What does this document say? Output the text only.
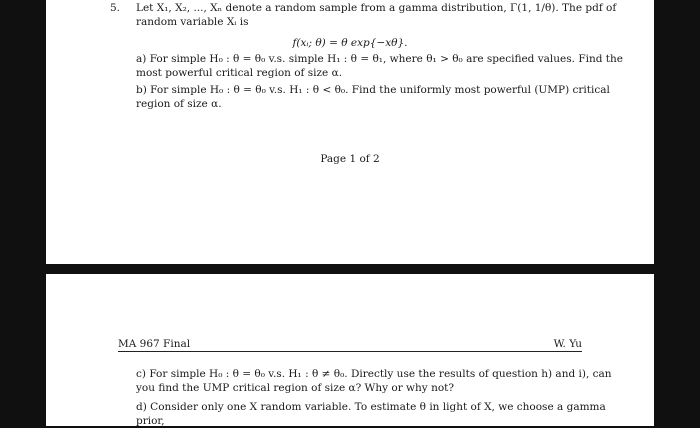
5. Let X₁, X₂, ..., Xₙ denote a random sample from a gamma distribution, Γ(1, 1/θ). The pdf of
random variable Xᵢ is
f(xᵢ; θ) = θ exp{−xθ}.
a) For simple H₀ : θ = θ₀ v.s. simple H₁ : θ = θ₁, where θ₁ > θ₀ are specified values. Find the
most powerful critical region of size α.
b) For simple H₀ : θ = θ₀ v.s. H₁ : θ < θ₀. Find the uniformly most powerful (UMP) critical
region of size α.
Page 1 of 2
MA 967 Final	W. Yu
c) For simple H₀ : θ = θ₀ v.s. H₁ : θ ≠ θ₀. Directly use the results of question h) and i), can
you find the UMP critical region of size α? Why or why not?
d) Consider only one X random variable. To estimate θ in light of X, we choose a gamma
prior,
